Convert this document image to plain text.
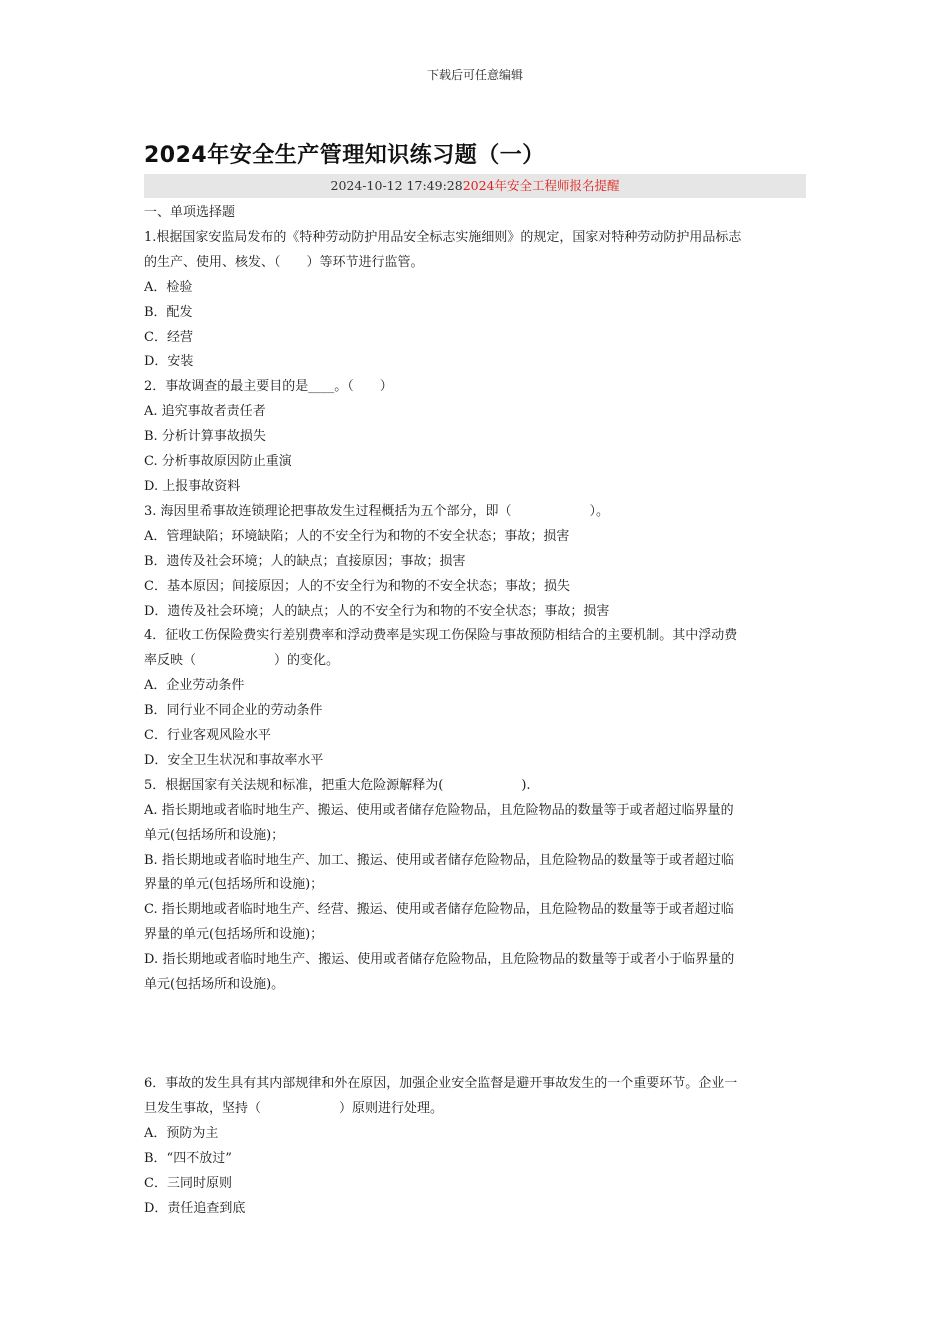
下载后可任意编辑
2024年安全生产管理知识练习题（一）
2024-10-12 17:49:282024年安全工程师报名提醒
一、单项选择题
1.根据国家安监局发布的《特种劳动防护用品安全标志实施细则》的规定，国家对特种劳动防护用品标志
的生产、使用、核发、（　　）等环节进行监管。
A．检验
B．配发
C．经营
D．安装
2．事故调查的最主要目的是____。（　　）
A. 追究事故者责任者
B. 分析计算事故损失
C. 分析事故原因防止重演
D. 上报事故资料
3. 海因里希事故连锁理论把事故发生过程概括为五个部分，即（　　　　　　）。
A．管理缺陷；环境缺陷；人的不安全行为和物的不安全状态；事故；损害
B．遗传及社会环境；人的缺点；直接原因；事故；损害
C．基本原因；间接原因；人的不安全行为和物的不安全状态；事故；损失
D．遗传及社会环境；人的缺点；人的不安全行为和物的不安全状态；事故；损害
4．征收工伤保险费实行差别费率和浮动费率是实现工伤保险与事故预防相结合的主要机制。其中浮动费
率反映（　　　　　　）的变化。
A．企业劳动条件
B．同行业不同企业的劳动条件
C．行业客观风险水平
D．安全卫生状况和事故率水平
5．根据国家有关法规和标准，把重大危险源解释为(　　　　　　).
A. 指长期地或者临时地生产、搬运、使用或者储存危险物品，且危险物品的数量等于或者超过临界量的
单元(包括场所和设施)；
B. 指长期地或者临时地生产、加工、搬运、使用或者储存危险物品，且危险物品的数量等于或者超过临
界量的单元(包括场所和设施)；
C. 指长期地或者临时地生产、经营、搬运、使用或者储存危险物品，且危险物品的数量等于或者超过临
界量的单元(包括场所和设施)；
D. 指长期地或者临时地生产、搬运、使用或者储存危险物品，且危险物品的数量等于或者小于临界量的
单元(包括场所和设施)。
6．事故的发生具有其内部规律和外在原因，加强企业安全监督是避开事故发生的一个重要环节。企业一
旦发生事故，坚持（　　　　　　）原则进行处理。
A．预防为主
B．“四不放过”
C．三同时原则
D．责任追查到底
